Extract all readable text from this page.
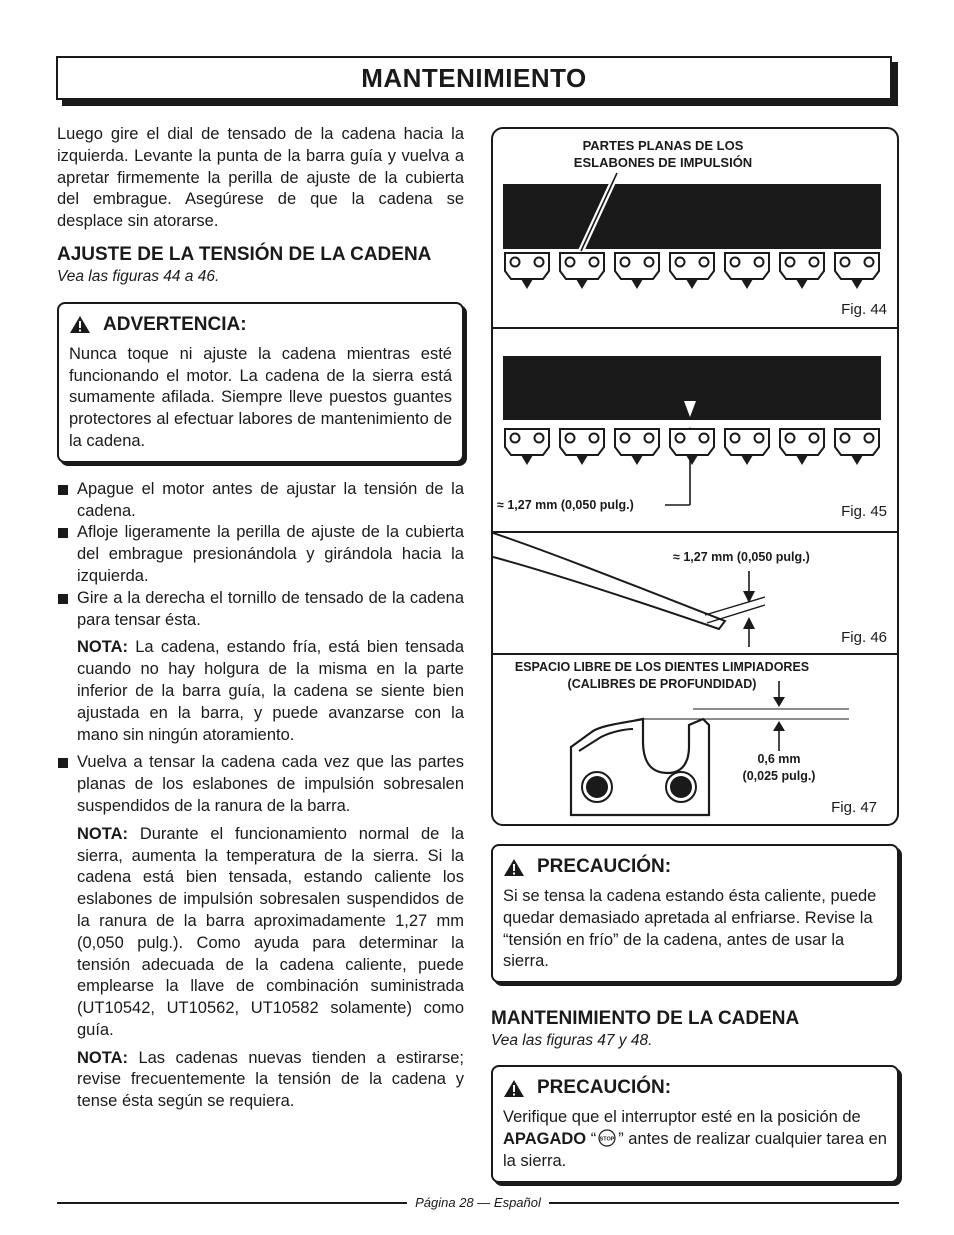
MANTENIMIENTO

Luego gire el dial de tensado de la cadena hacia la izquierda. Levante la punta de la barra guía y vuelva a apretar firmemente la perilla de ajuste de la cubierta del embrague. Asegúrese de que la cadena se desplace sin atorarse.

AJUSTE DE LA TENSIÓN DE LA CADENA
Vea las figuras 44 a 46.
ADVERTENCIA:
Nunca toque ni ajuste la cadena mientras esté funcionando el motor. La cadena de la sierra está sumamente afilada. Siempre lleve puestos guantes protectores al efectuar labores de mantenimiento de la cadena.
Apague el motor antes de ajustar la tensión de la cadena.
Afloje ligeramente la perilla de ajuste de la cubierta del embrague presionándola y girándola hacia la izquierda.
Gire a la derecha el tornillo de tensado de la cadena para tensar ésta.

NOTA: La cadena, estando fría, está bien tensada cuando no hay holgura de la misma en la parte inferior de la barra guía, la cadena se siente bien ajustada en la barra, y puede avanzarse con la mano sin ningún atoramiento.

Vuelva a tensar la cadena cada vez que las partes planas de los eslabones de impulsión sobresalen suspendidos de la ranura de la barra.

NOTA: Durante el funcionamiento normal de la sierra, aumenta la temperatura de la sierra. Si la cadena está bien tensada, estando caliente los eslabones de impulsión sobresalen suspendidos de la ranura de la barra aproximadamente 1,27 mm (0,050 pulg.). Como ayuda para determinar la tensión adecuada de la cadena caliente, puede emplearse la llave de combinación suministrada (UT10542, UT10562, UT10582 solamente) como guía.

NOTA: Las cadenas nuevas tienden a estirarse; revise frecuentemente la tensión de la cadena y tense ésta según se requiera.

PARTES PLANAS DE LOS
ESLABONES DE IMPULSIÓN
Fig. 44
≈ 1,27 mm (0,050 pulg.)	Fig. 45
≈ 1,27 mm (0,050 pulg.)
Fig. 46
ESPACIO LIBRE DE LOS DIENTES LIMPIADORES
(CALIBRES DE PROFUNDIDAD)
0,6 mm
(0,025 pulg.)
Fig. 47
PRECAUCIÓN:
Si se tensa la cadena estando ésta caliente, puede quedar demasiado apretada al enfriarse. Revise la “tensión en frío” de la cadena, antes de usar la sierra.
MANTENIMIENTO DE LA CADENA
Vea las figuras 47 y 48.
PRECAUCIÓN:
Verifique que el interruptor esté en la posición de APAGADO “ STOP ” antes de realizar cualquier tarea en la sierra.
Página 28 — Español
